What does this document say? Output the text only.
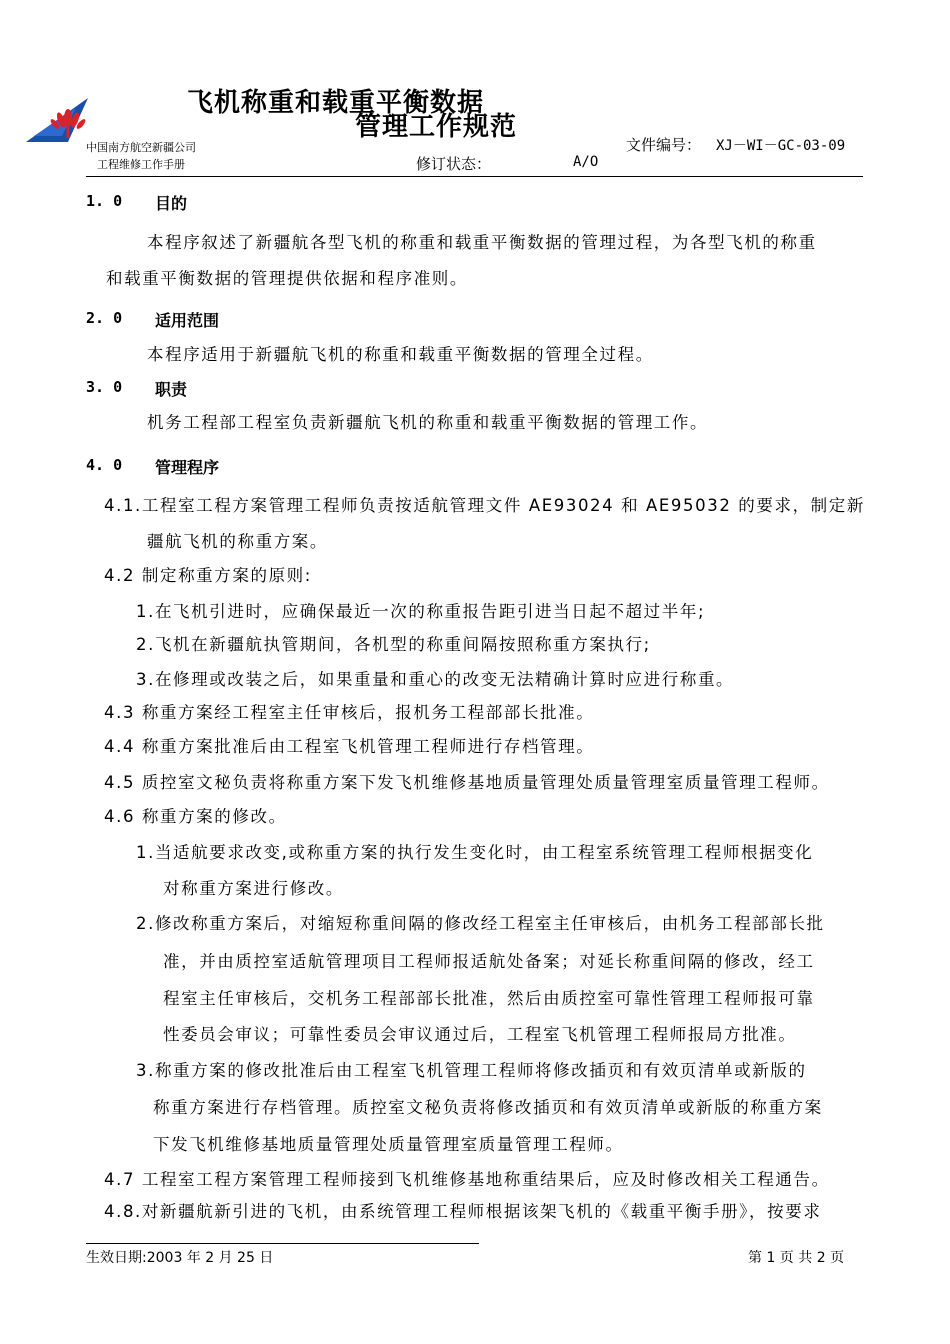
飞机称重和载重平衡数据
管理工作规范
中国南方航空新疆公司
工程维修工作手册
文件编号： XJ－WI－GC-03-09
修订状态：	A/O
1. 0 目的
本程序叙述了新疆航各型飞机的称重和载重平衡数据的管理过程，为各型飞机的称重
和载重平衡数据的管理提供依据和程序准则。
2. 0 适用范围
本程序适用于新疆航飞机的称重和载重平衡数据的管理全过程。
3. 0 职责
机务工程部工程室负责新疆航飞机的称重和载重平衡数据的管理工作。
4. 0 管理程序
4.1.工程室工程方案管理工程师负责按适航管理文件 AE93024 和 AE95032 的要求，制定新
疆航飞机的称重方案。
4.2 制定称重方案的原则:
1.在飞机引进时，应确保最近一次的称重报告距引进当日起不超过半年;
2.飞机在新疆航执管期间，各机型的称重间隔按照称重方案执行;
3.在修理或改装之后，如果重量和重心的改变无法精确计算时应进行称重。
4.3 称重方案经工程室主任审核后，报机务工程部部长批准。
4.4 称重方案批准后由工程室飞机管理工程师进行存档管理。
4.5 质控室文秘负责将称重方案下发飞机维修基地质量管理处质量管理室质量管理工程师。
4.6 称重方案的修改。
1.当适航要求改变,或称重方案的执行发生变化时，由工程室系统管理工程师根据变化
对称重方案进行修改。
2.修改称重方案后，对缩短称重间隔的修改经工程室主任审核后，由机务工程部部长批
准，并由质控室适航管理项目工程师报适航处备案；对延长称重间隔的修改，经工
程室主任审核后，交机务工程部部长批准，然后由质控室可靠性管理工程师报可靠
性委员会审议；可靠性委员会审议通过后，工程室飞机管理工程师报局方批准。
3.称重方案的修改批准后由工程室飞机管理工程师将修改插页和有效页清单或新版的
称重方案进行存档管理。质控室文秘负责将修改插页和有效页清单或新版的称重方案
下发飞机维修基地质量管理处质量管理室质量管理工程师。
4.7 工程室工程方案管理工程师接到飞机维修基地称重结果后，应及时修改相关工程通告。
4.8.对新疆航新引进的飞机，由系统管理工程师根据该架飞机的《载重平衡手册》，按要求
生效日期:2003 年 2 月 25 日	第 1 页 共 2 页
